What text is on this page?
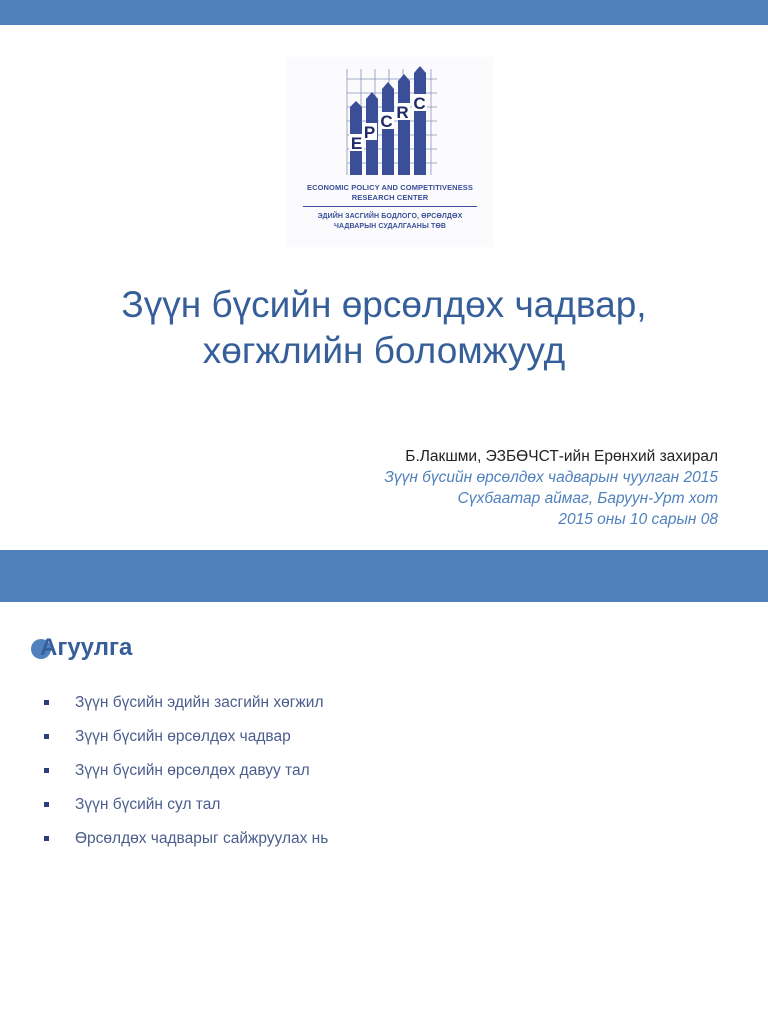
E
P
C R C
ECONOMIC POLICY AND COMPETITIVENESS
RESEARCH CENTER
ЭДИЙН ЗАСГИЙН БОДЛОГО, ӨРСӨЛДӨХ
ЧАДВАРЫН СУДАЛГААНЫ ТӨВ
Зүүн бүсийн өрсөлдөх чадвар,
хөгжлийн боломжууд
Б.Лакшми, ЭЗБӨЧСТ-ийн Ерөнхий захирал
Зүүн бүсийн өрсөлдөх чадварын чуулган 2015
Сүхбаатар аймаг, Баруун-Урт хот
2015 оны 10 сарын 08
Агуулга
Зүүн бүсийн эдийн засгийн хөгжил
Зүүн бүсийн өрсөлдөх чадвар
Зүүн бүсийн өрсөлдөх давуу тал
Зүүн бүсийн сул тал
Өрсөлдөх чадварыг сайжруулах нь
